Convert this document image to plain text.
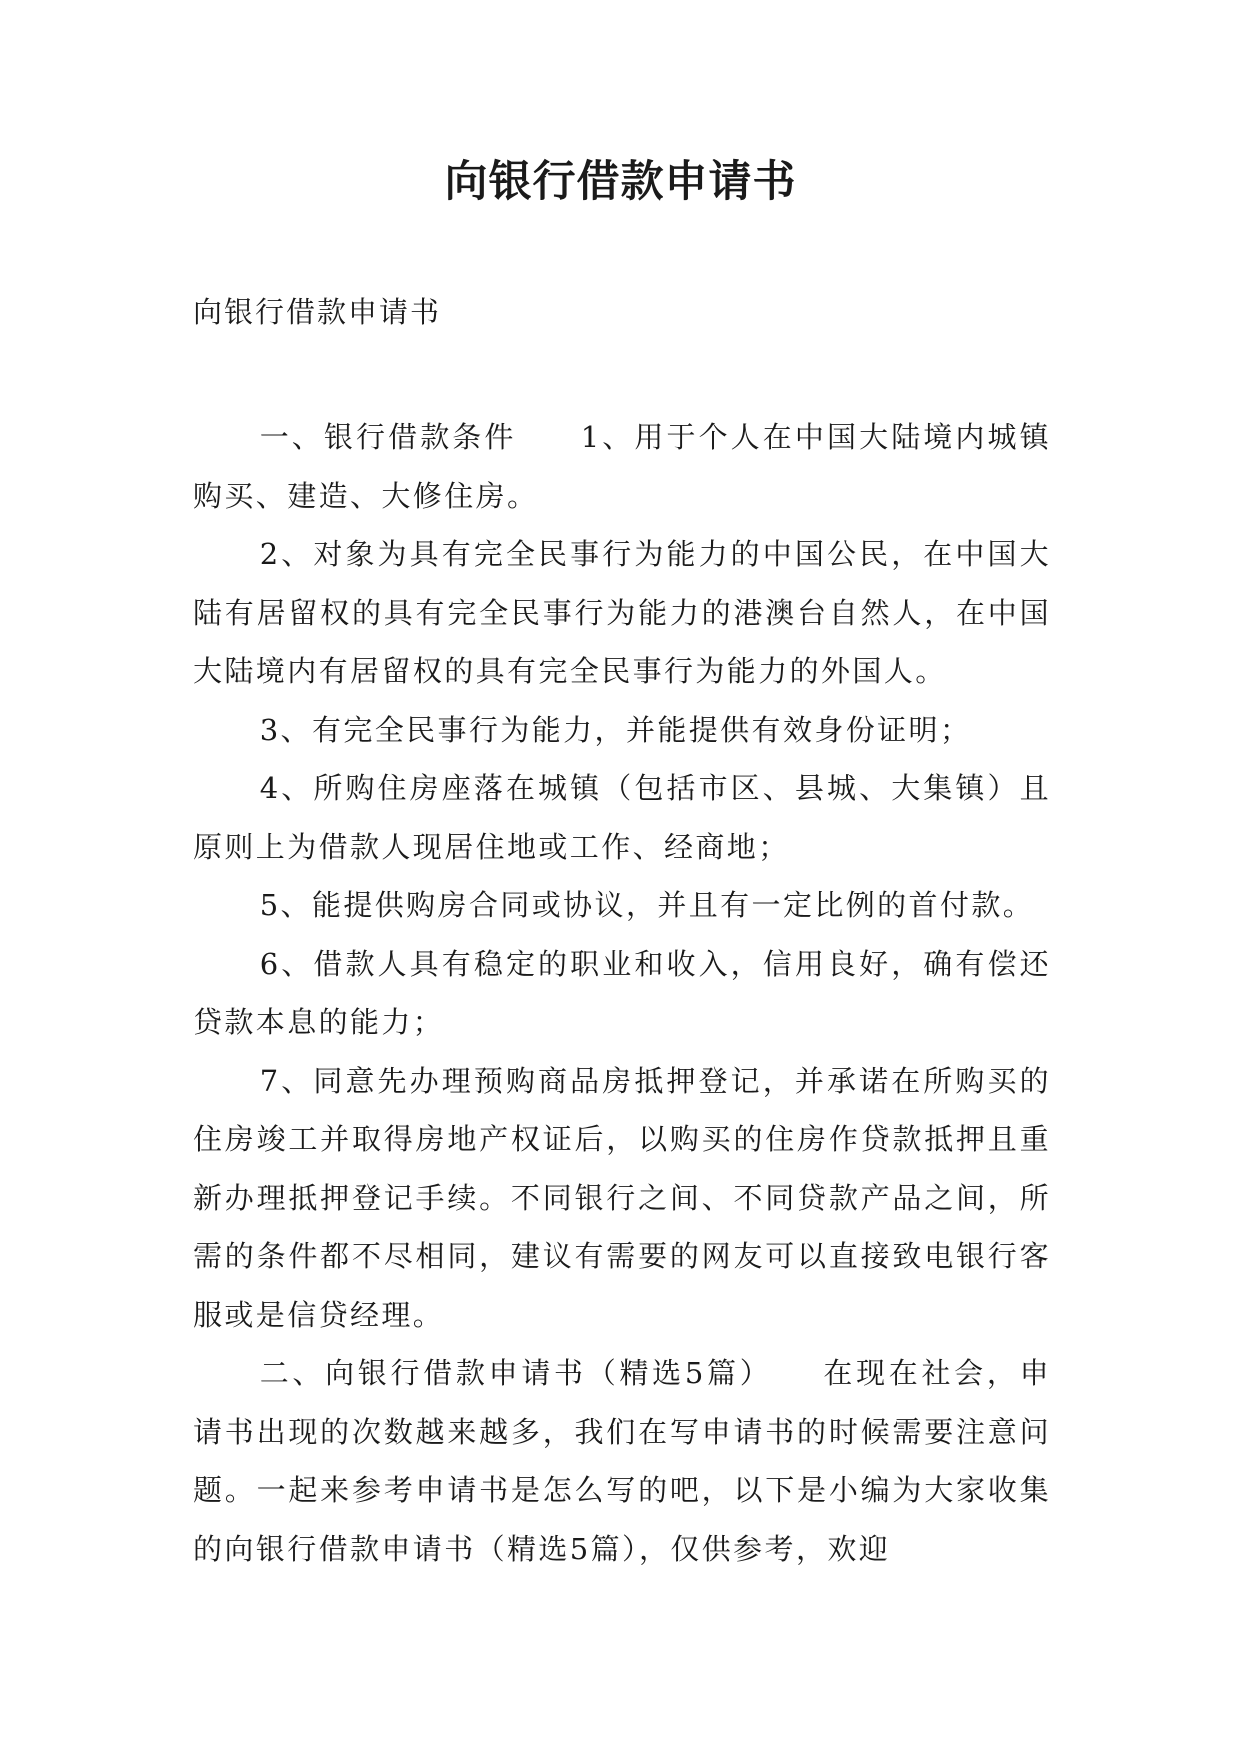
向银行借款申请书

向银行借款申请书

一、银行借款条件　　1、用于个人在中国大陆境内城镇购买、建造、大修住房。

2、对象为具有完全民事行为能力的中国公民，在中国大陆有居留权的具有完全民事行为能力的港澳台自然人，在中国大陆境内有居留权的具有完全民事行为能力的外国人。

3、有完全民事行为能力，并能提供有效身份证明；

4、所购住房座落在城镇（包括市区、县城、大集镇）且原则上为借款人现居住地或工作、经商地；

5、能提供购房合同或协议，并且有一定比例的首付款。

6、借款人具有稳定的职业和收入，信用良好，确有偿还贷款本息的能力；

7、同意先办理预购商品房抵押登记，并承诺在所购买的住房竣工并取得房地产权证后，以购买的住房作贷款抵押且重新办理抵押登记手续。不同银行之间、不同贷款产品之间，所需的条件都不尽相同，建议有需要的网友可以直接致电银行客服或是信贷经理。

二、向银行借款申请书（精选5篇）　　在现在社会，申请书出现的次数越来越多，我们在写申请书的时候需要注意问题。一起来参考申请书是怎么写的吧，以下是小编为大家收集的向银行借款申请书（精选5篇），仅供参考，欢迎
